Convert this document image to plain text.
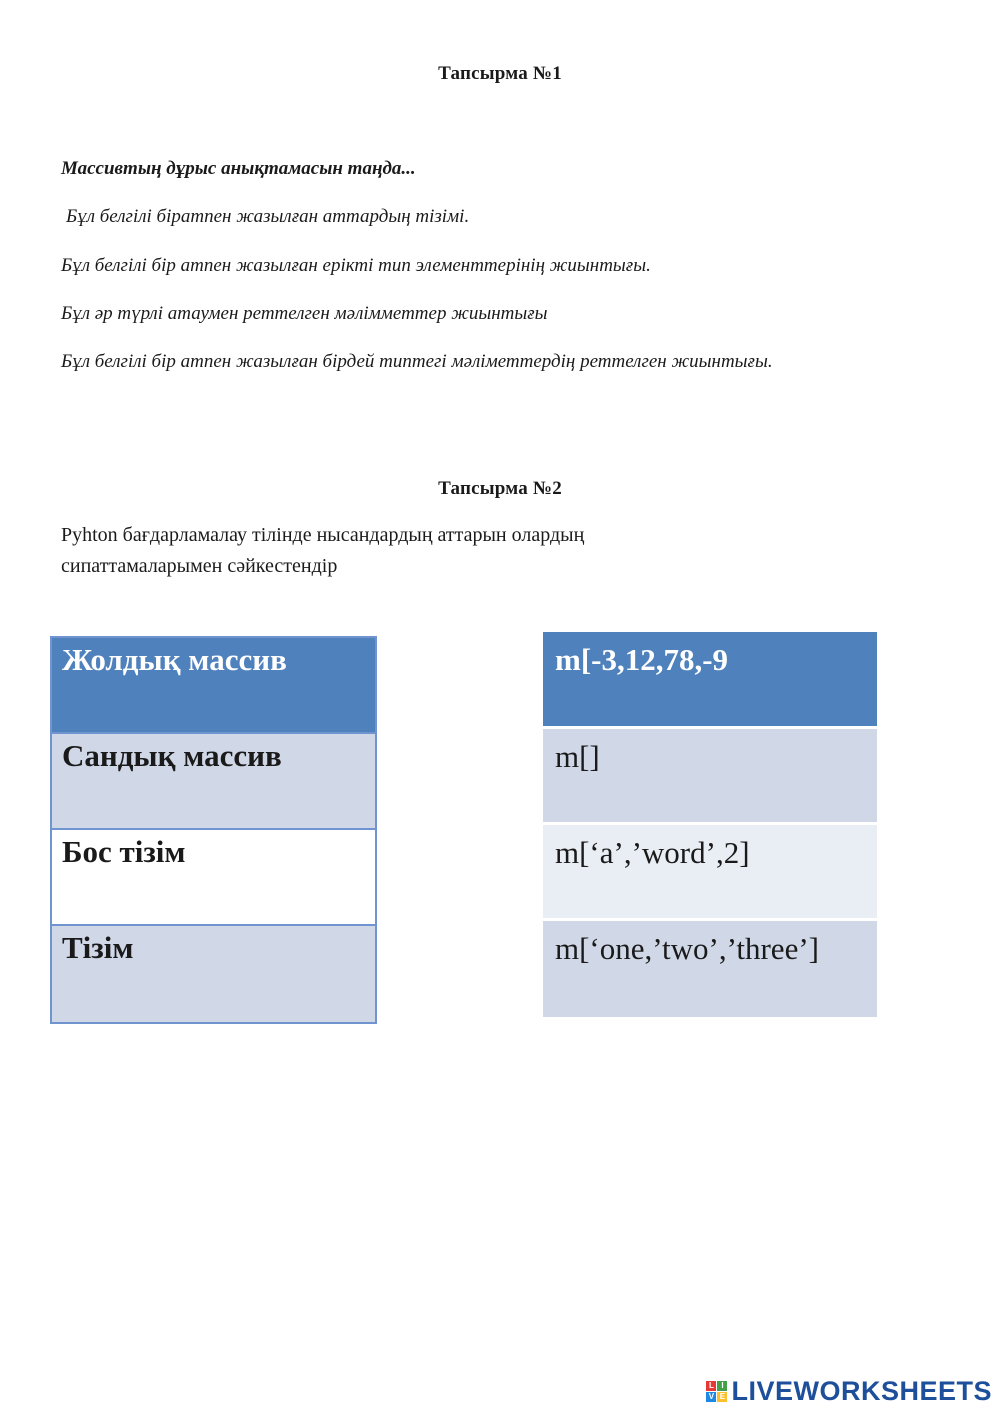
Тапсырма №1
Массивтың дұрыс анықтамасын таңда...
Бұл белгілі біратпен жазылған аттардың тізімі.
Бұл белгілі бір атпен жазылған ерікті тип элементтерінің жиынтығы.
Бұл әр түрлі атаумен реттелген мәлімметтер жиынтығы
Бұл белгілі бір атпен жазылған бірдей типтегі мәліметтердің реттелген жиынтығы.
Тапсырма №2
Pyhton бағдарламалау тілінде нысандардың аттарын олардың сипаттамаларымен сәйкестендір
Жолдық массив
Сандық массив
Бос тізім
Тізім
m[-3,12,78,-9
m[]
m[‘a’,’word’,2]
m[‘one,’two’,’three’]
L I
V E LIVEWORKSHEETS
